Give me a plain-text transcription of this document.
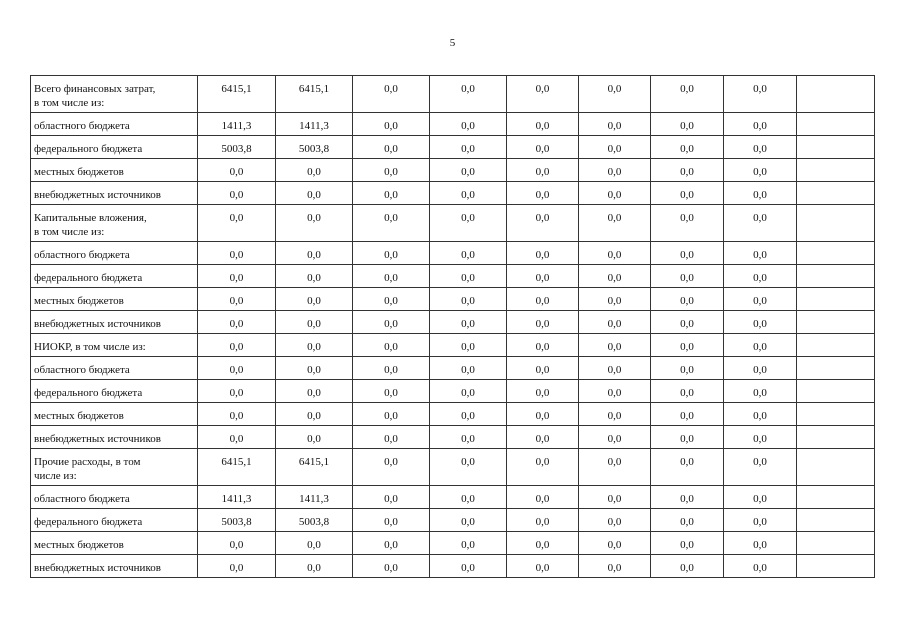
5
Всего финансовых затрат,
в том числе из:	6415,1	6415,1	0,0	0,0	0,0	0,0	0,0	0,0	
областного бюджета	1411,3	1411,3	0,0	0,0	0,0	0,0	0,0	0,0	
федерального бюджета	5003,8	5003,8	0,0	0,0	0,0	0,0	0,0	0,0	
местных бюджетов	0,0	0,0	0,0	0,0	0,0	0,0	0,0	0,0	
внебюджетных источников	0,0	0,0	0,0	0,0	0,0	0,0	0,0	0,0	
Капитальные вложения,
в том числе из:	0,0	0,0	0,0	0,0	0,0	0,0	0,0	0,0	
областного бюджета	0,0	0,0	0,0	0,0	0,0	0,0	0,0	0,0	
федерального бюджета	0,0	0,0	0,0	0,0	0,0	0,0	0,0	0,0	
местных бюджетов	0,0	0,0	0,0	0,0	0,0	0,0	0,0	0,0	
внебюджетных источников	0,0	0,0	0,0	0,0	0,0	0,0	0,0	0,0	
НИОКР, в том числе из:	0,0	0,0	0,0	0,0	0,0	0,0	0,0	0,0	
областного бюджета	0,0	0,0	0,0	0,0	0,0	0,0	0,0	0,0	
федерального бюджета	0,0	0,0	0,0	0,0	0,0	0,0	0,0	0,0	
местных бюджетов	0,0	0,0	0,0	0,0	0,0	0,0	0,0	0,0	
внебюджетных источников	0,0	0,0	0,0	0,0	0,0	0,0	0,0	0,0	
Прочие расходы, в том
числе из:	6415,1	6415,1	0,0	0,0	0,0	0,0	0,0	0,0	
областного бюджета	1411,3	1411,3	0,0	0,0	0,0	0,0	0,0	0,0	
федерального бюджета	5003,8	5003,8	0,0	0,0	0,0	0,0	0,0	0,0	
местных бюджетов	0,0	0,0	0,0	0,0	0,0	0,0	0,0	0,0	
внебюджетных источников	0,0	0,0	0,0	0,0	0,0	0,0	0,0	0,0	
